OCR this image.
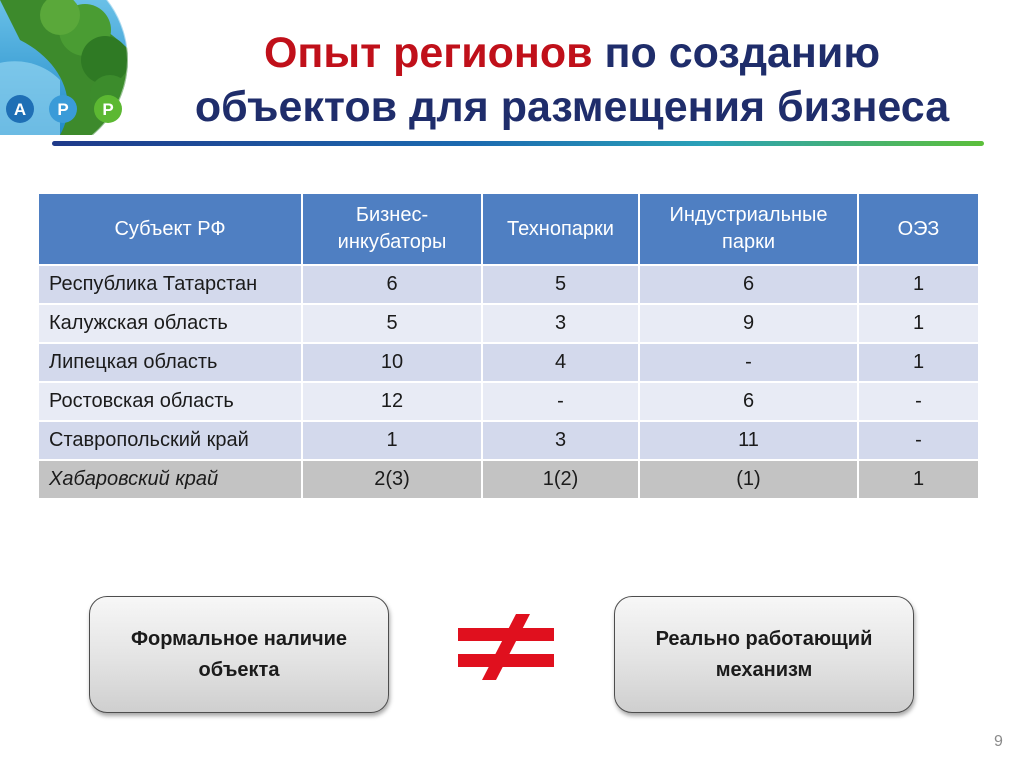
А Р Р
Опыт регионов по созданию
объектов для размещения бизнеса
Субъект РФ	Бизнес-инкубаторы	Технопарки	Индустриальные парки	ОЭЗ
Республика Татарстан	6	5	6	1
Калужская область	5	3	9	1
Липецкая область	10	4	-	1
Ростовская область	12	-	6	-
Ставропольский край	1	3	11	-
Хабаровский край	2(3)	1(2)	(1)	1
Формальное наличие объекта
Реально работающий механизм
9
